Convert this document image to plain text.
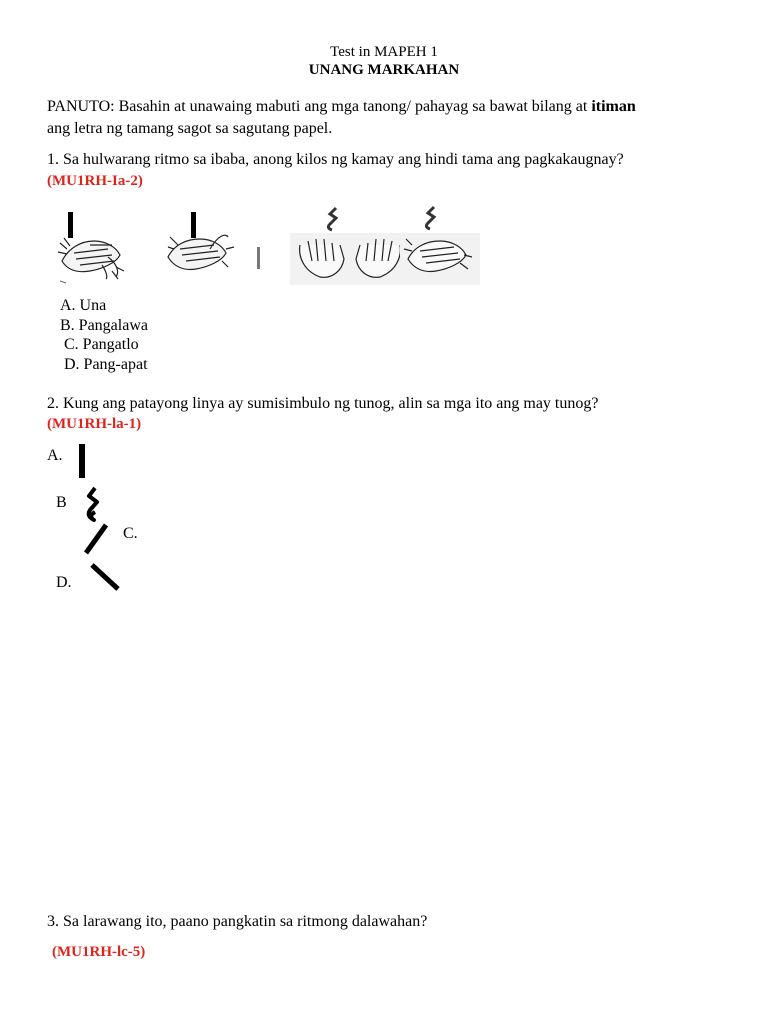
Test in MAPEH 1
UNANG MARKAHAN
PANUTO: Basahin at unawaing mabuti ang mga tanong/ pahayag sa bawat bilang at itiman
ang letra ng tamang sagot sa sagutang papel.
1. Sa hulwarang ritmo sa ibaba, anong kilos ng kamay ang hindi tama ang pagkakaugnay?
(MU1RH-Ia-2)
A. Una
B. Pangalawa
C. Pangatlo
D. Pang-apat
2. Kung ang patayong linya ay sumisimbulo ng tunog, alin sa mga ito ang may tunog?
(MU1RH-la-1)
A.
B
C.
D.
3. Sa larawang ito, paano pangkatin sa ritmong dalawahan?
(MU1RH-lc-5)
